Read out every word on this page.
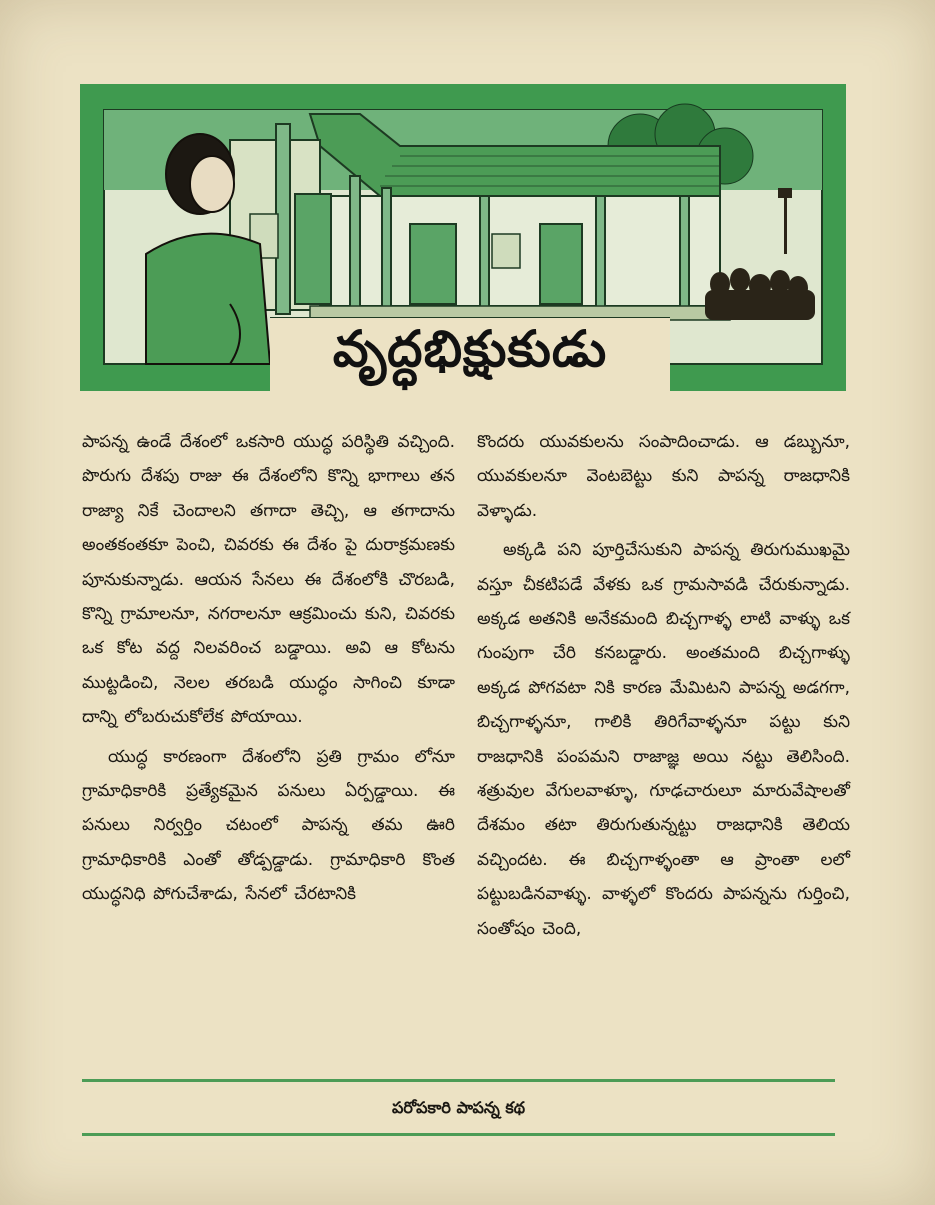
వృద్ధభిక్షుకుడు

పాపన్న ఉండే దేశంలో ఒకసారి యుద్ధ పరిస్థితి వచ్చింది. పొరుగు దేశపు రాజు ఈ దేశంలోని కొన్ని భాగాలు తన రాజ్యా నికే చెందాలని తగాదా తెచ్చి, ఆ తగాదాను అంతకంతకూ పెంచి, చివరకు ఈ దేశం పై దురాక్రమణకు పూనుకున్నాడు. ఆయన సేనలు ఈ దేశంలోకి చొరబడి, కొన్ని గ్రామాలనూ, నగరాలనూ ఆక్రమించు కుని, చివరకు ఒక కోట వద్ద నిలవరించ బడ్డాయి. అవి ఆ కోటను ముట్టడించి, నెలల తరబడి యుద్ధం సాగించి కూడా దాన్ని లోబరుచుకోలేక పోయాయి.

యుద్ధ కారణంగా దేశంలోని ప్రతి గ్రామం లోనూ గ్రామాధికారికి ప్రత్యేకమైన పనులు ఏర్పడ్డాయి. ఈ పనులు నిర్వర్తిం చటంలో పాపన్న తమ ఊరి గ్రామాధికారికి ఎంతో తోడ్పడ్డాడు. గ్రామాధికారి కొంత యుద్ధనిధి పోగుచేశాడు, సేనలో చేరటానికి

కొందరు యువకులను సంపాదించాడు. ఆ డబ్బునూ, యువకులనూ వెంటబెట్టు కుని పాపన్న రాజధానికి వెళ్ళాడు.

అక్కడి పని పూర్తిచేసుకుని పాపన్న తిరుగుముఖమై వస్తూ చీకటిపడే వేళకు ఒక గ్రామసావడి చేరుకున్నాడు. అక్కడ అతనికి అనేకమంది బిచ్చగాళ్ళ లాటి వాళ్ళు ఒక గుంపుగా చేరి కనబడ్డారు. అంతమంది బిచ్చగాళ్ళు అక్కడ పోగవటా నికి కారణ మేమిటని పాపన్న అడగగా, బిచ్చగాళ్ళనూ, గాలికి తిరిగేవాళ్ళనూ పట్టు కుని రాజధానికి పంపమని రాజాజ్ఞ అయి నట్టు తెలిసింది. శత్రువుల వేగులవాళ్ళూ, గూఢచారులూ మారువేషాలతో దేశమం తటా తిరుగుతున్నట్టు రాజధానికి తెలియ వచ్చిందట. ఈ బిచ్చగాళ్ళంతా ఆ ప్రాంతా లలో పట్టుబడినవాళ్ళు. వాళ్ళలో కొందరు పాపన్నను గుర్తించి, సంతోషం చెంది,

పరోపకారి పాపన్న కథ
